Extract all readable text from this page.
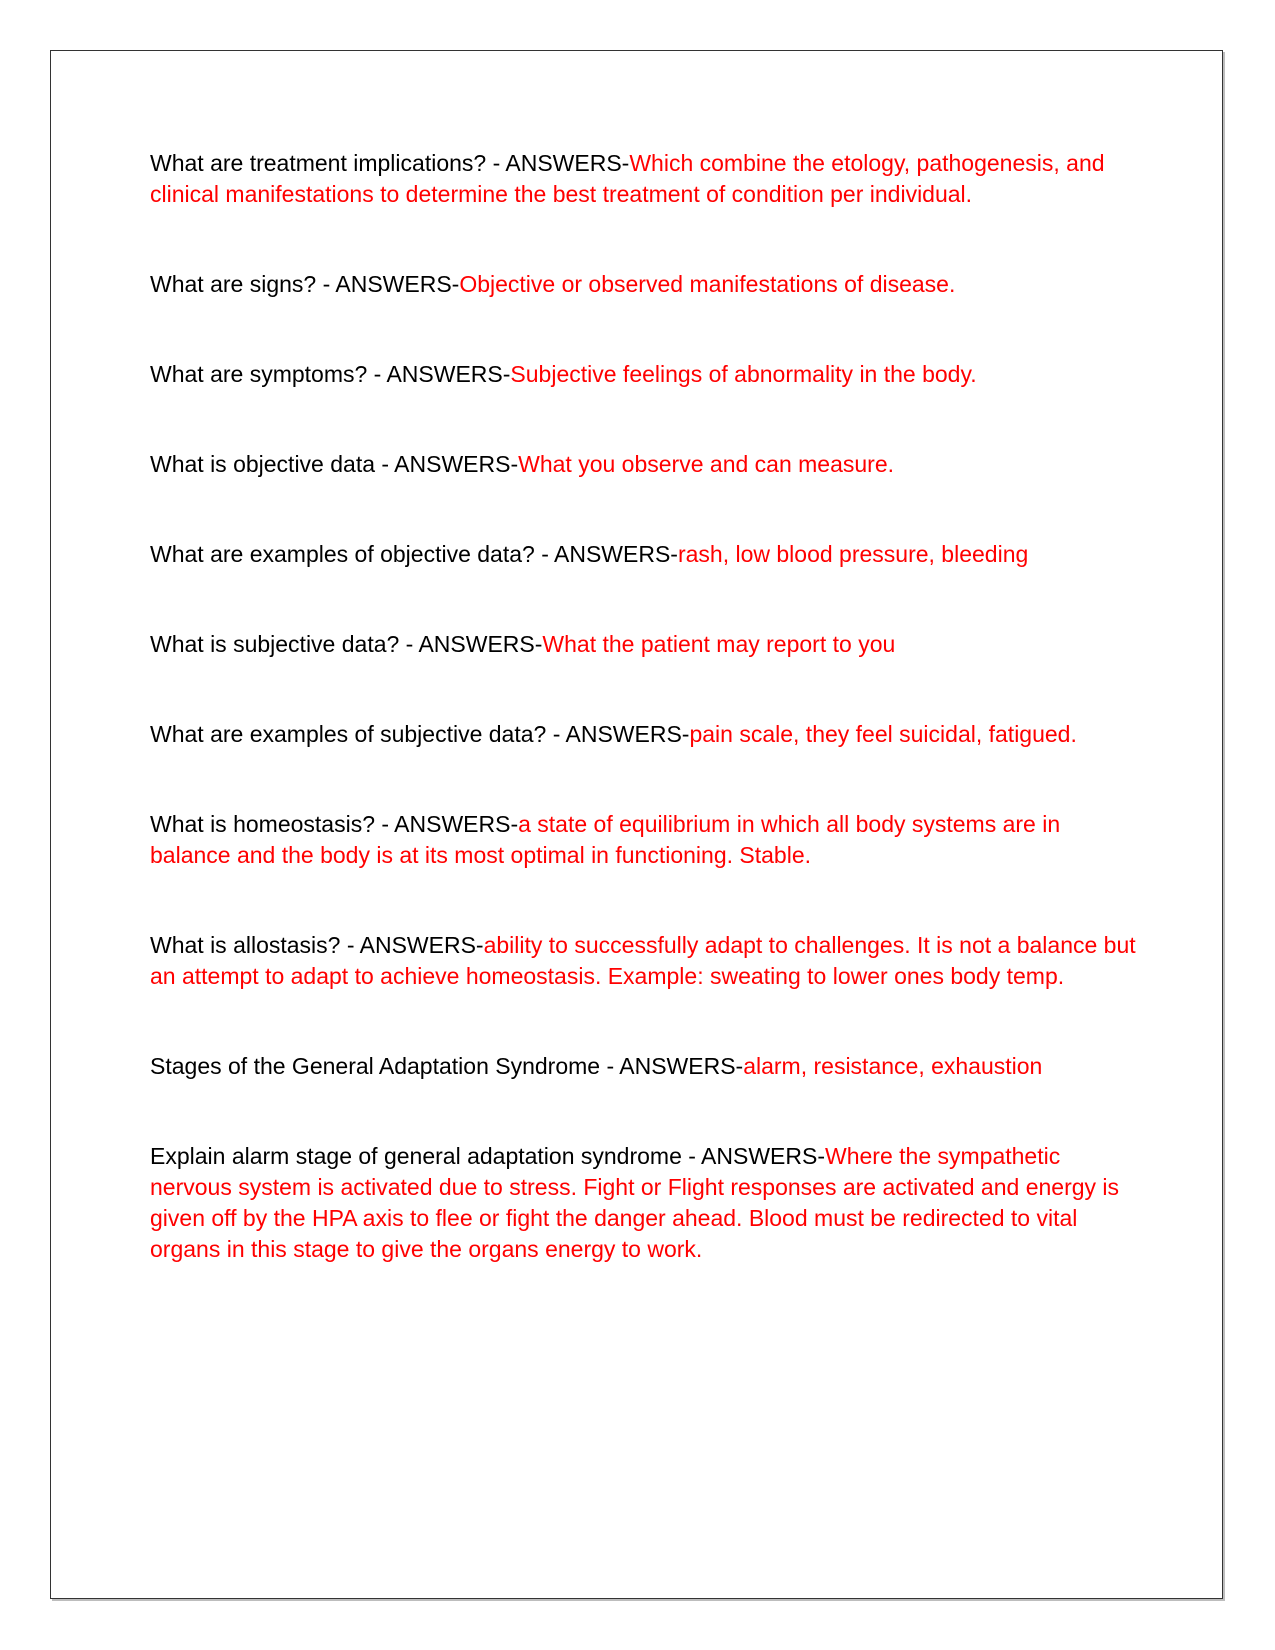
What are treatment implications? - ANSWERS-Which combine the etology, pathogenesis, and clinical manifestations to determine the best treatment of condition per individual.

What are signs? - ANSWERS-Objective or observed manifestations of disease.

What are symptoms? - ANSWERS-Subjective feelings of abnormality in the body.

What is objective data - ANSWERS-What you observe and can measure.

What are examples of objective data? - ANSWERS-rash, low blood pressure, bleeding

What is subjective data? - ANSWERS-What the patient may report to you

What are examples of subjective data? - ANSWERS-pain scale, they feel suicidal, fatigued.

What is homeostasis? - ANSWERS-a state of equilibrium in which all body systems are in balance and the body is at its most optimal in functioning. Stable.

What is allostasis? - ANSWERS-ability to successfully adapt to challenges. It is not a balance but an attempt to adapt to achieve homeostasis. Example: sweating to lower ones body temp.

Stages of the General Adaptation Syndrome - ANSWERS-alarm, resistance, exhaustion

Explain alarm stage of general adaptation syndrome - ANSWERS-Where the sympathetic nervous system is activated due to stress. Fight or Flight responses are activated and energy is given off by the HPA axis to flee or fight the danger ahead. Blood must be redirected to vital organs in this stage to give the organs energy to work.
